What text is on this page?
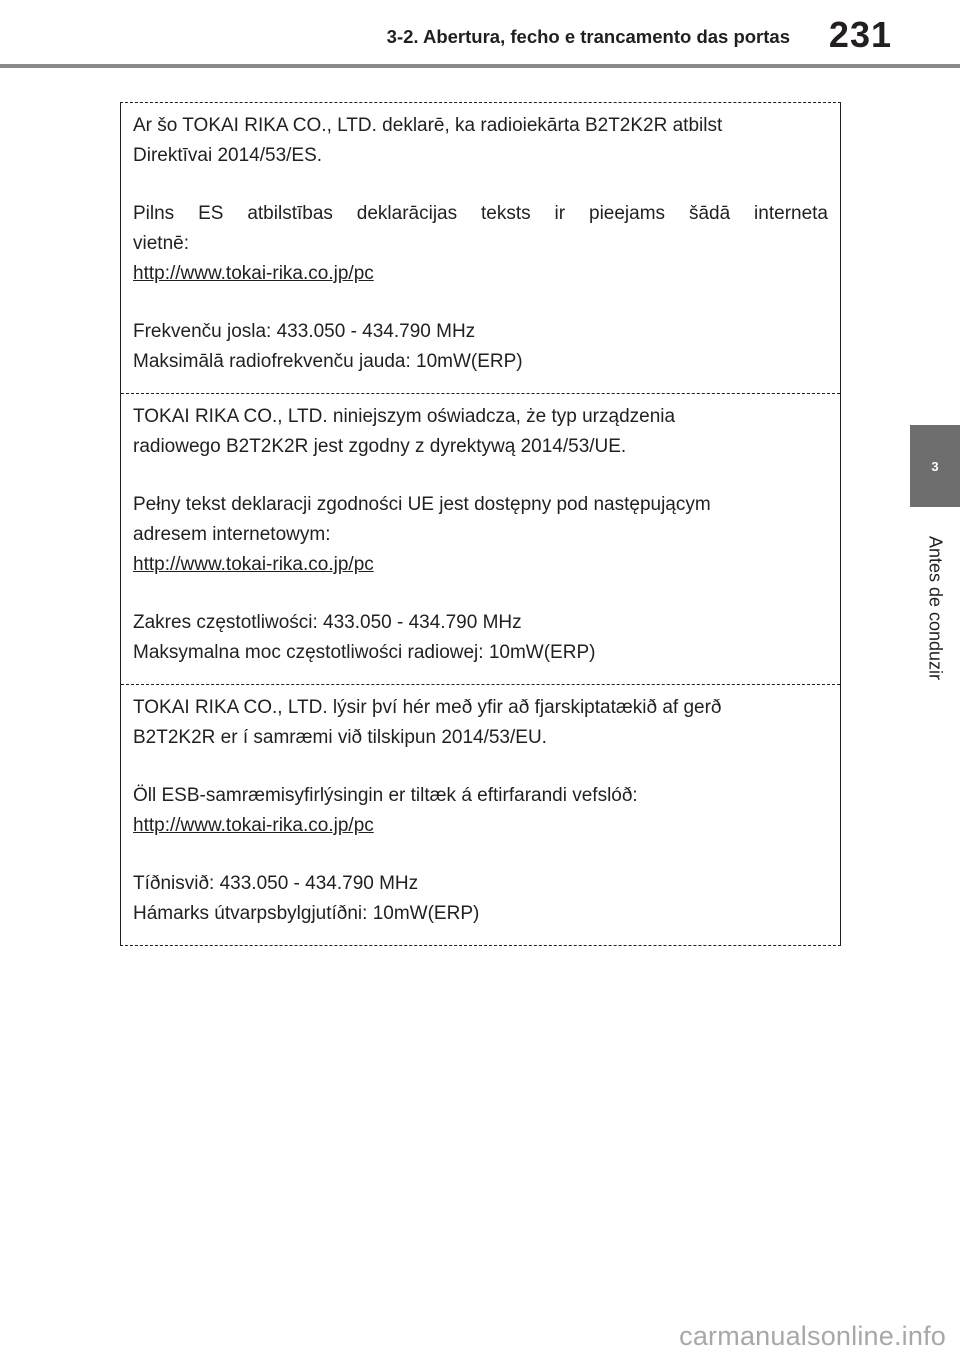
3-2. Abertura, fecho e trancamento das portas 231
3
Antes de conduzir

Ar šo TOKAI RIKA CO., LTD. deklarē, ka radioiekārta B2T2K2R atbilst

Direktīvai 2014/53/ES.

Pilns ES atbilstības deklarācijas teksts ir pieejams šādā interneta

vietnē:

http://www.tokai-rika.co.jp/pc

Frekvenču josla: 433.050 - 434.790 MHz

Maksimālā radiofrekvenču jauda: 10mW(ERP)

TOKAI RIKA CO., LTD. niniejszym oświadcza, że typ urządzenia

radiowego B2T2K2R jest zgodny z dyrektywą 2014/53/UE.

Pełny tekst deklaracji zgodności UE jest dostępny pod następującym

adresem internetowym:

http://www.tokai-rika.co.jp/pc

Zakres częstotliwości: 433.050 - 434.790 MHz

Maksymalna moc częstotliwości radiowej: 10mW(ERP)

TOKAI RIKA CO., LTD. lýsir því hér með yfir að fjarskiptatækið af gerð

B2T2K2R er í samræmi við tilskipun 2014/53/EU.

Öll ESB-samræmisyfirlýsingin er tiltæk á eftirfarandi vefslóð:

http://www.tokai-rika.co.jp/pc

Tíðnisvið: 433.050 - 434.790 MHz

Hámarks útvarpsbylgjutíðni: 10mW(ERP)

carmanualsonline.info
